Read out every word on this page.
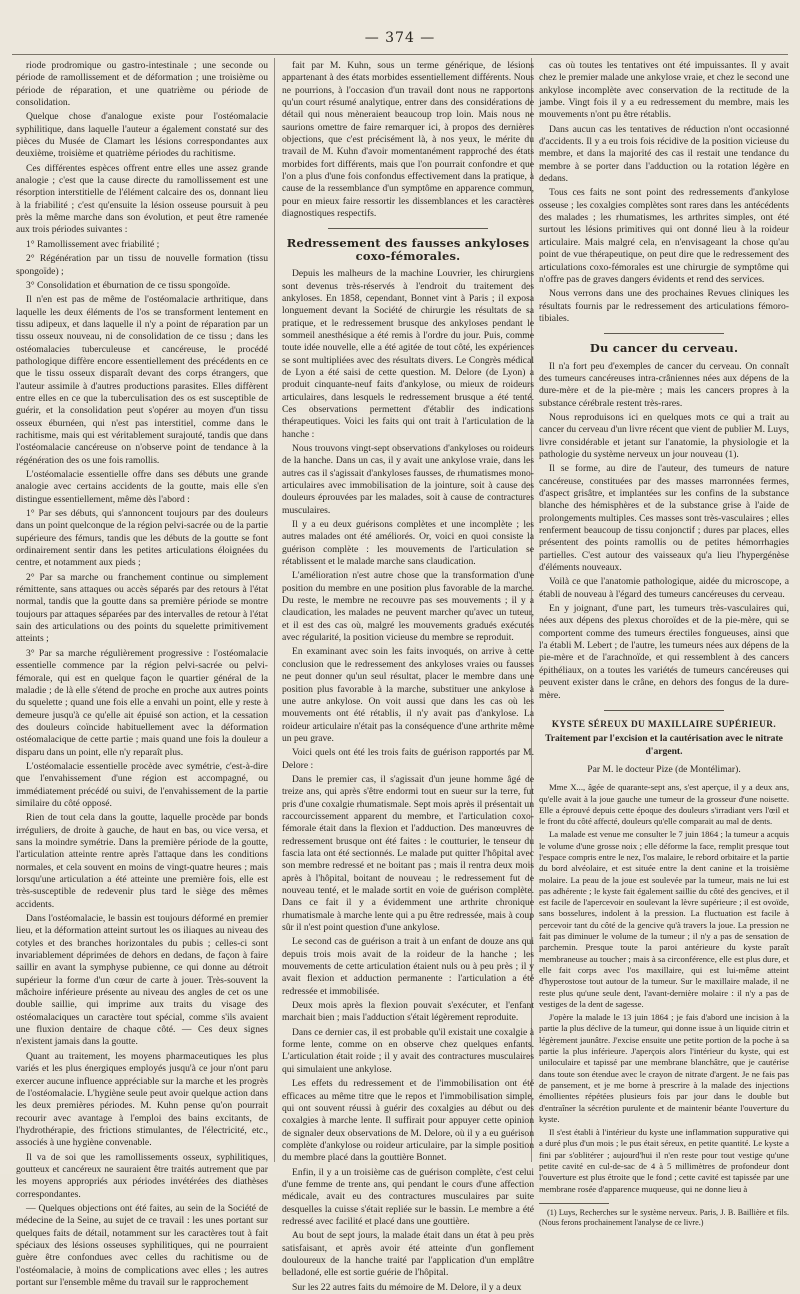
— 374 —

riode prodromique ou gastro-intestinale ; une seconde ou période de ramollissement et de déformation ; une troisième ou période de réparation, et une quatrième ou période de consolidation.

Quelque chose d'analogue existe pour l'ostéomalacie syphilitique, dans laquelle l'auteur a également constaté sur des pièces du Musée de Clamart les lésions correspondantes aux deuxième, troisième et quatrième périodes du rachitisme.

Ces différentes espèces offrent entre elles une assez grande analogie ; c'est que la cause directe du ramollissement est une résorption interstitielle de l'élément calcaire des os, donnant lieu à la friabilité ; c'est qu'ensuite la lésion osseuse poursuit à peu près la même marche dans son évolution, et peut être ramenée aux trois périodes suivantes :

1° Ramollissement avec friabilité ;

2° Régénération par un tissu de nouvelle formation (tissu spongoïde) ;

3° Consolidation et éburnation de ce tissu spongoïde.

Il n'en est pas de même de l'ostéomalacie arthritique, dans laquelle les deux éléments de l'os se transforment lentement en tissu adipeux, et dans laquelle il n'y a point de réparation par un tissu osseux nouveau, ni de consolidation de ce tissu ; dans les ostéomalacies tuberculeuse et cancéreuse, le procédé pathologique diffère encore essentiellement des précédents en ce que le tissu osseux disparaît devant des corps étrangers, que l'auteur assimile à d'autres productions parasites. Elles diffèrent entre elles en ce que la tuberculisation des os est susceptible de guérir, et la consolidation peut s'opérer au moyen d'un tissu osseux éburnéen, qui n'est pas interstitiel, comme dans le rachitisme, mais qui est véritablement surajouté, tandis que dans l'ostéomalacie cancéreuse on n'observe point de tendance à la régénération des os une fois ramollis.

L'ostéomalacie essentielle offre dans ses débuts une grande analogie avec certains accidents de la goutte, mais elle s'en distingue essentiellement, même dès l'abord :

1° Par ses débuts, qui s'annoncent toujours par des douleurs dans un point quelconque de la région pelvi-sacrée ou de la partie supérieure des fémurs, tandis que les débuts de la goutte se font ordinairement sentir dans les petites articulations éloignées du centre, et notamment aux pieds ;

2° Par sa marche ou franchement continue ou simplement rémittente, sans attaques ou accès séparés par des retours à l'état normal, tandis que la goutte dans sa première période se montre toujours par attaques séparées par des intervalles de retour à l'état sain des articulations ou des points du squelette primitivement atteints ;

3° Par sa marche régulièrement progressive : l'ostéomalacie essentielle commence par la région pelvi-sacrée ou pelvi-fémorale, qui est en quelque façon le quartier général de la maladie ; de là elle s'étend de proche en proche aux autres points du squelette ; quand une fois elle a envahi un point, elle y reste à demeure jusqu'à ce qu'elle ait épuisé son action, et la cessation des douleurs coïncide habituellement avec la déformation ostéomalacique de cette partie ; mais quand une fois la douleur a disparu dans un point, elle n'y reparaît plus.

L'ostéomalacie essentielle procède avec symétrie, c'est-à-dire que l'envahissement d'une région est accompagné, ou immédiatement précédé ou suivi, de l'envahissement de la partie similaire du côté opposé.

Rien de tout cela dans la goutte, laquelle procède par bonds irréguliers, de droite à gauche, de haut en bas, ou vice versa, et sans la moindre symétrie. Dans la première période de la goutte, l'articulation atteinte rentre après l'attaque dans les conditions normales, et cela souvent en moins de vingt-quatre heures ; mais lorsqu'une articulation a été atteinte une première fois, elle est très-susceptible de redevenir plus tard le siège des mêmes accidents.

Dans l'ostéomalacie, le bassin est toujours déformé en premier lieu, et la déformation atteint surtout les os iliaques au niveau des cotyles et des branches horizontales du pubis ; celles-ci sont invariablement déprimées de dehors en dedans, de façon à faire saillir en avant la symphyse pubienne, ce qui donne au détroit supérieur la forme d'un cœur de carte à jouer. Très-souvent la mâchoire inférieure présente au niveau des angles de cet os une double saillie, qui imprime aux traits du visage des ostéomalaciques un caractère tout spécial, comme s'ils avaient une fluxion dentaire de chaque côté. — Ces deux signes n'existent jamais dans la goutte.

Quant au traitement, les moyens pharmaceutiques les plus variés et les plus énergiques employés jusqu'à ce jour n'ont paru exercer aucune influence appréciable sur la marche et les progrès de l'ostéomalacie. L'hygiène seule peut avoir quelque action dans les deux premières périodes. M. Kuhn pense qu'on pourrait recourir avec avantage à l'emploi des bains excitants, de l'hydrothérapie, des frictions stimulantes, de l'électricité, etc., associés à une hygiène convenable.

Il va de soi que les ramollissements osseux, syphilitiques, goutteux et cancéreux ne sauraient être traités autrement que par les moyens appropriés aux périodes invétérées des diathèses correspondantes.

— Quelques objections ont été faites, au sein de la Société de médecine de la Seine, au sujet de ce travail : les unes portant sur quelques faits de détail, notamment sur les caractères tout à fait spéciaux des lésions osseuses syphilitiques, qui ne pourraient guère être confondues avec celles du rachitisme ou de l'ostéomalacie, à moins de complications avec elles ; les autres portant sur l'ensemble même du travail sur le rapprochement

fait par M. Kuhn, sous un terme générique, de lésions appartenant à des états morbides essentiellement différents. Nous ne pourrions, à l'occasion d'un travail dont nous ne rapportons qu'un court résumé analytique, entrer dans des considérations de détail qui nous mèneraient beaucoup trop loin. Mais nous ne saurions omettre de faire remarquer ici, à propos des dernières objections, que c'est précisément là, à nos yeux, le mérite du travail de M. Kuhn d'avoir momentanément rapproché des états morbides fort différents, mais que l'on pourrait confondre et que l'on a plus d'une fois confondus effectivement dans la pratique, à cause de la ressemblance d'un symptôme en apparence commun, pour en mieux faire ressortir les dissemblances et les caractères diagnostiques respectifs.

Redressement des fausses ankyloses coxo-fémorales.

Depuis les malheurs de la machine Louvrier, les chirurgiens sont devenus très-réservés à l'endroit du traitement des ankyloses. En 1858, cependant, Bonnet vint à Paris ; il exposa longuement devant la Société de chirurgie les résultats de sa pratique, et le redressement brusque des ankyloses pendant le sommeil anesthésique a été remis à l'ordre du jour. Puis, comme toute idée nouvelle, elle a été agitée de tout côté, les expériences se sont multipliées avec des résultats divers. Le Congrès médical de Lyon a été saisi de cette question. M. Delore (de Lyon) a produit cinquante-neuf faits d'ankylose, ou mieux de roideurs articulaires, dans lesquels le redressement brusque a été tenté. Ces observations permettent d'établir des indications thérapeutiques. Voici les faits qui ont trait à l'articulation de la hanche :

Nous trouvons vingt-sept observations d'ankyloses ou roideurs de la hanche. Dans un cas, il y avait une ankylose vraie, dans les autres cas il s'agissait d'ankyloses fausses, de rhumatismes mono-articulaires avec immobilisation de la jointure, soit à cause des douleurs éprouvées par les malades, soit à cause de contractures musculaires.

Il y a eu deux guérisons complètes et une incomplète ; les autres malades ont été améliorés. Or, voici en quoi consiste la guérison complète : les mouvements de l'articulation se rétablissent et le malade marche sans claudication.

L'amélioration n'est autre chose que la transformation d'une position du membre en une position plus favorable de la marche. Du reste, le membre ne recouvre pas ses mouvements ; il y a claudication, les malades ne peuvent marcher qu'avec un tuteur, et il est des cas où, malgré les mouvements gradués exécutés avec régularité, la position vicieuse du membre se reproduit.

En examinant avec soin les faits invoqués, on arrive à cette conclusion que le redressement des ankyloses vraies ou fausses ne peut donner qu'un seul résultat, placer le membre dans une position plus favorable à la marche, substituer une ankylose à une autre ankylose. On voit aussi que dans les cas où les mouvements ont été rétablis, il n'y avait pas d'ankylose. La roideur articulaire n'était pas la conséquence d'une arthrite même un peu grave.

Voici quels ont été les trois faits de guérison rapportés par M. Delore :

Dans le premier cas, il s'agissait d'un jeune homme âgé de treize ans, qui après s'être endormi tout en sueur sur la terre, fut pris d'une coxalgie rhumatismale. Sept mois après il présentait un raccourcissement apparent du membre, et l'articulation coxo-fémorale était dans la flexion et l'adduction. Des manœuvres de redressement brusque ont été faites : le coutturier, le tenseur du fascia lata ont été sectionnés. Le malade put quitter l'hôpital avec son membre redressé et ne boitant pas ; mais il rentra deux mois après à l'hôpital, boitant de nouveau ; le redressement fut de nouveau tenté, et le malade sortit en voie de guérison complète. Dans ce fait il y a évidemment une arthrite chronique rhumatismale à marche lente qui a pu être redressée, mais à coup sûr il n'est point question d'une ankylose.

Le second cas de guérison a trait à un enfant de douze ans qui depuis trois mois avait de la roideur de la hanche ; les mouvements de cette articulation étaient nuls ou à peu près ; il y avait flexion et adduction permanente : l'articulation a été redressée et immobilisée.

Deux mois après la flexion pouvait s'exécuter, et l'enfant marchait bien ; mais l'adduction s'était légèrement reproduite.

Dans ce dernier cas, il est probable qu'il existait une coxalgie à forme lente, comme on en observe chez quelques enfants. L'articulation était roide ; il y avait des contractures musculaires qui simulaient une ankylose.

Les effets du redressement et de l'immobilisation ont été efficaces au même titre que le repos et l'immobilisation simple, qui ont souvent réussi à guérir des coxalgies au début ou des coxalgies à marche lente. Il suffirait pour appuyer cette opinion de signaler deux observations de M. Delore, où il y a eu guérison complète d'ankylose ou roideur articulaire, par la simple position du membre placé dans la gouttière Bonnet.

Enfin, il y a un troisième cas de guérison complète, c'est celui d'une femme de trente ans, qui pendant le cours d'une affection médicale, avait eu des contractures musculaires par suite desquelles la cuisse s'était repliée sur le bassin. Le membre a été redressé avec facilité et placé dans une gouttière.

Au bout de sept jours, la malade était dans un état à peu près satisfaisant, et après avoir été atteinte d'un gonflement douloureux de la hanche traité par l'application d'un emplâtre belladoné, elle est sortie guérie de l'hôpital.

Sur les 22 autres faits du mémoire de M. Delore, il y a deux

cas où toutes les tentatives ont été impuissantes. Il y avait chez le premier malade une ankylose vraie, et chez le second une ankylose incomplète avec conservation de la rectitude de la jambe. Vingt fois il y a eu redressement du membre, mais les mouvements n'ont pu être rétablis.

Dans aucun cas les tentatives de réduction n'ont occasionné d'accidents. Il y a eu trois fois récidive de la position vicieuse du membre, et dans la majorité des cas il restait une tendance du membre à se porter dans l'adduction ou la rotation légère en dedans.

Tous ces faits ne sont point des redressements d'ankylose osseuse ; les coxalgies complètes sont rares dans les antécédents des malades ; les rhumatismes, les arthrites simples, ont été surtout les lésions primitives qui ont donné lieu à la roideur articulaire. Mais malgré cela, en n'envisageant la chose qu'au point de vue thérapeutique, on peut dire que le redressement des articulations coxo-fémorales est une chirurgie de symptôme qui n'offre pas de graves dangers évidents et rend des services.

Nous verrons dans une des prochaines Revues cliniques les résultats fournis par le redressement des articulations fémoro-tibiales.

Du cancer du cerveau.

Il n'a fort peu d'exemples de cancer du cerveau. On connaît des tumeurs cancéreuses intra-crâniennes nées aux dépens de la dure-mère et de la pie-mère ; mais les cancers propres à la substance cérébrale restent très-rares.

Nous reproduisons ici en quelques mots ce qui a trait au cancer du cerveau d'un livre récent que vient de publier M. Luys, livre considérable et jetant sur l'anatomie, la physiologie et la pathologie du système nerveux un jour nouveau (1).

Il se forme, au dire de l'auteur, des tumeurs de nature cancéreuse, constituées par des masses marronnées fermes, d'aspect grisâtre, et implantées sur les confins de la substance blanche des hémisphères et de la substance grise à l'aide de prolongements multiples. Ces masses sont très-vasculaires ; elles renferment beaucoup de tissu conjonctif ; dures par places, elles présentent des points ramollis ou de petites hémorrhagies partielles. C'est autour des vaisseaux qu'a lieu l'hypergénèse d'éléments nouveaux.

Voilà ce que l'anatomie pathologique, aidée du microscope, a établi de nouveau à l'égard des tumeurs cancéreuses du cerveau.

En y joignant, d'une part, les tumeurs très-vasculaires qui, nées aux dépens des plexus choroïdes et de la pie-mère, qui se comportent comme des tumeurs érectiles fongueuses, ainsi que l'a établi M. Lebert ; de l'autre, les tumeurs nées aux dépens de la pie-mère et de l'arachnoïde, et qui ressemblent à des cancers épithéliaux, on a toutes les variétés de tumeurs cancéreuses qui peuvent exister dans le crâne, en dehors des fongus de la dure-mère.

KYSTE SÉREUX DU MAXILLAIRE SUPÉRIEUR.
Traitement par l'excision et la cautérisation avec le nitrate d'argent.
Par M. le docteur Pize (de Montélimar).

Mme X..., âgée de quarante-sept ans, s'est aperçue, il y a deux ans, qu'elle avait à la joue gauche une tumeur de la grosseur d'une noisette. Elle a éprouvé depuis cette époque des douleurs s'irradiant vers l'œil et le front du côté affecté, douleurs qu'elle comparait au mal de dents.

La malade est venue me consulter le 7 juin 1864 ; la tumeur a acquis le volume d'une grosse noix ; elle déforme la face, remplit presque tout l'espace compris entre le nez, l'os malaire, le rebord orbitaire et la partie du bord alvéolaire, et est située entre la dent canine et la troisième molaire. La peau de la joue est soulevée par la tumeur, mais ne lui est pas adhérente ; le kyste fait également saillie du côté des gencives, et il est facile de l'apercevoir en soulevant la lèvre supérieure ; il est ovoïde, sans bosselures, indolent à la pression. La fluctuation est facile à percevoir tant du côté de la gencive qu'à travers la joue. La pression ne fait pas diminuer le volume de la tumeur ; il n'y a pas de sensation de parchemin. Presque toute la paroi antérieure du kyste paraît membraneuse au toucher ; mais à sa circonférence, elle est plus dure, et elle fait corps avec l'os maxillaire, qui est lui-même atteint d'hyperostose tout autour de la tumeur. Sur le maxillaire malade, il ne reste plus qu'une seule dent, l'avant-dernière molaire : il n'y a pas de vestiges de la dent de sagesse.

J'opère la malade le 13 juin 1864 ; je fais d'abord une incision à la partie la plus déclive de la tumeur, qui donne issue à un liquide citrin et légèrement jaunâtre. J'excise ensuite une petite portion de la poche à sa partie la plus inférieure. J'aperçois alors l'intérieur du kyste, qui est uniloculaire et tapissé par une membrane blanchâtre, que je cautérise dans toute son étendue avec le crayon de nitrate d'argent. Je ne fais pas de pansement, et je me borne à prescrire à la malade des injections émollientes répétées plusieurs fois par jour dans le double but d'entraîner la sécrétion purulente et de maintenir béante l'ouverture du kyste.

Il s'est établi à l'intérieur du kyste une inflammation suppurative qui a duré plus d'un mois ; le pus était séreux, en petite quantité. Le kyste a fini par s'oblitérer ; aujourd'hui il n'en reste pour tout vestige qu'une petite cavité en cul-de-sac de 4 à 5 millimètres de profondeur dont l'ouverture est plus étroite que le fond ; cette cavité est tapissée par une membrane rosée d'apparence muqueuse, qui ne donne lieu à

(1) Luys, Recherches sur le système nerveux. Paris, J. B. Baillière et fils. (Nous ferons prochainement l'analyse de ce livre.)
